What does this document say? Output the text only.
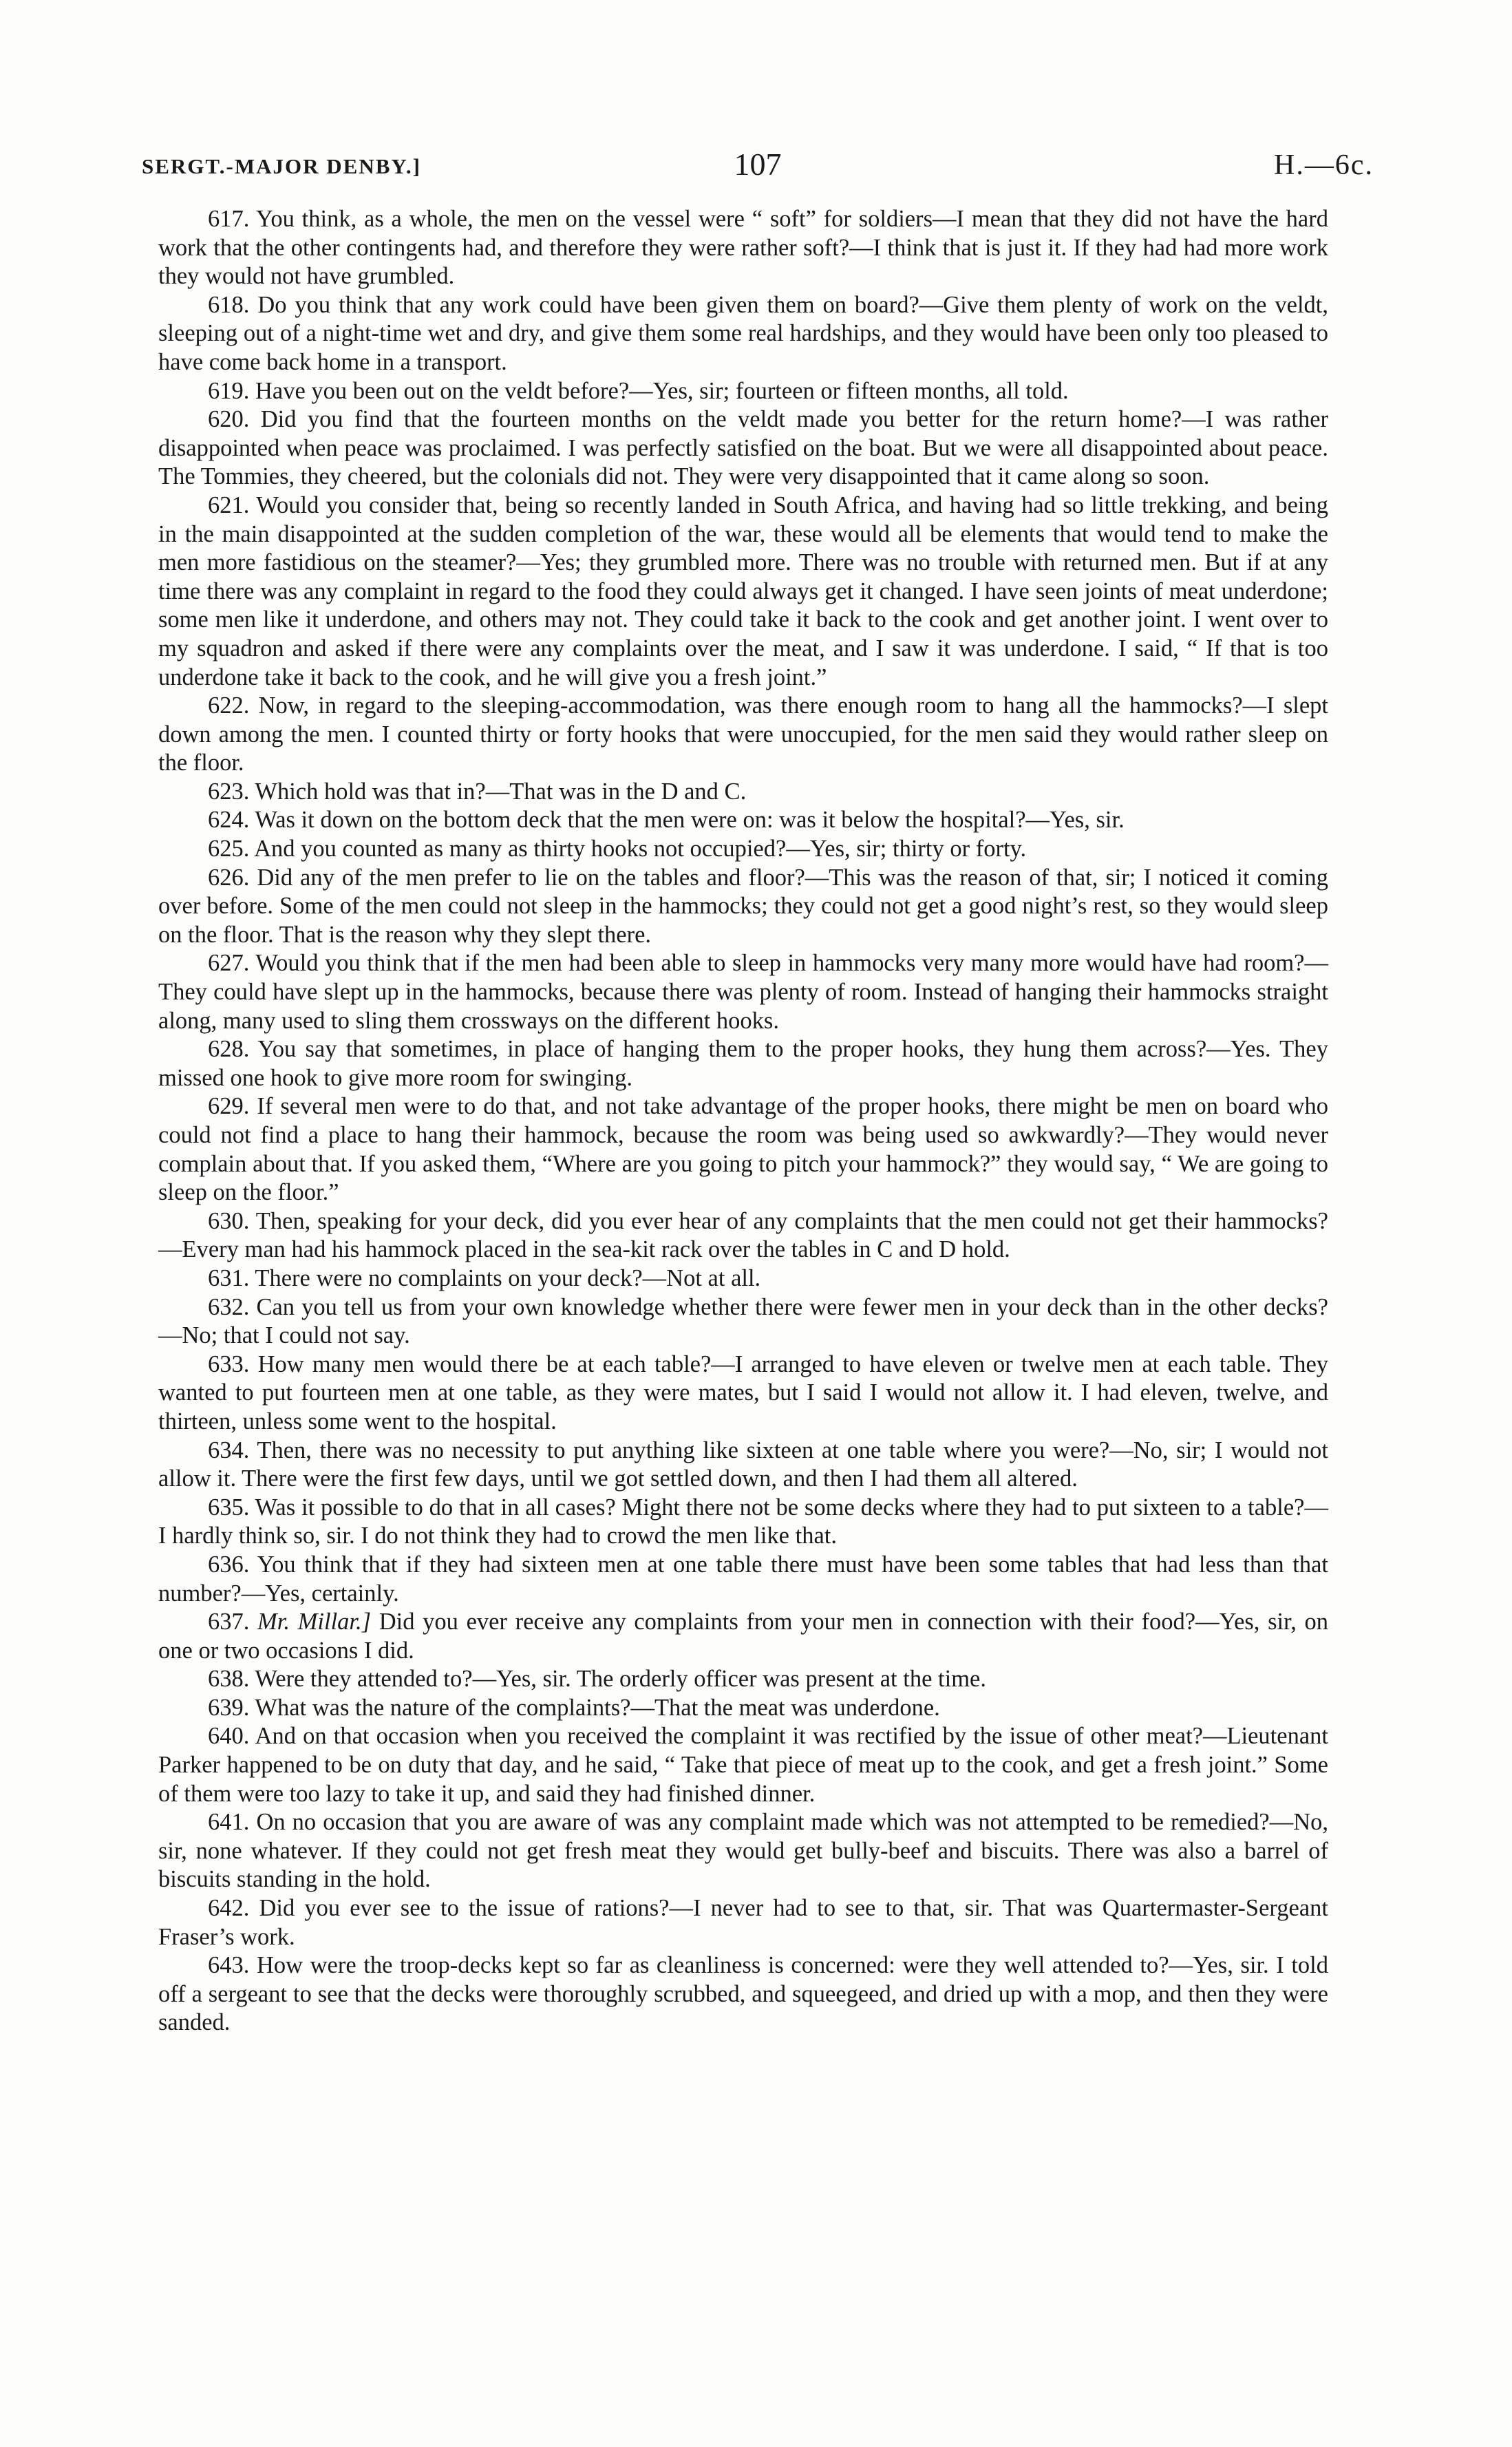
SERGT.-MAJOR DENBY.]	107	H.—6c.

617. You think, as a whole, the men on the vessel were “ soft” for soldiers—I mean that they did not have the hard work that the other contingents had, and therefore they were rather soft?—I think that is just it. If they had had more work they would not have grumbled.

618. Do you think that any work could have been given them on board?—Give them plenty of work on the veldt, sleeping out of a night-time wet and dry, and give them some real hardships, and they would have been only too pleased to have come back home in a transport.

619. Have you been out on the veldt before?—Yes, sir; fourteen or fifteen months, all told.

620. Did you find that the fourteen months on the veldt made you better for the return home?—I was rather disappointed when peace was proclaimed. I was perfectly satisfied on the boat. But we were all disappointed about peace. The Tommies, they cheered, but the colonials did not. They were very disappointed that it came along so soon.

621. Would you consider that, being so recently landed in South Africa, and having had so little trekking, and being in the main disappointed at the sudden completion of the war, these would all be elements that would tend to make the men more fastidious on the steamer?—Yes; they grumbled more. There was no trouble with returned men. But if at any time there was any complaint in regard to the food they could always get it changed. I have seen joints of meat underdone; some men like it underdone, and others may not. They could take it back to the cook and get another joint. I went over to my squadron and asked if there were any complaints over the meat, and I saw it was underdone. I said, “ If that is too underdone take it back to the cook, and he will give you a fresh joint.”

622. Now, in regard to the sleeping-accommodation, was there enough room to hang all the hammocks?—I slept down among the men. I counted thirty or forty hooks that were unoccupied, for the men said they would rather sleep on the floor.

623. Which hold was that in?—That was in the D and C.

624. Was it down on the bottom deck that the men were on: was it below the hospital?—Yes, sir.

625. And you counted as many as thirty hooks not occupied?—Yes, sir; thirty or forty.

626. Did any of the men prefer to lie on the tables and floor?—This was the reason of that, sir; I noticed it coming over before. Some of the men could not sleep in the hammocks; they could not get a good night’s rest, so they would sleep on the floor. That is the reason why they slept there.

627. Would you think that if the men had been able to sleep in hammocks very many more would have had room?—They could have slept up in the hammocks, because there was plenty of room. Instead of hanging their hammocks straight along, many used to sling them crossways on the different hooks.

628. You say that sometimes, in place of hanging them to the proper hooks, they hung them across?—Yes. They missed one hook to give more room for swinging.

629. If several men were to do that, and not take advantage of the proper hooks, there might be men on board who could not find a place to hang their hammock, because the room was being used so awkwardly?—They would never complain about that. If you asked them, “Where are you going to pitch your hammock?” they would say, “ We are going to sleep on the floor.”

630. Then, speaking for your deck, did you ever hear of any complaints that the men could not get their hammocks?—Every man had his hammock placed in the sea-kit rack over the tables in C and D hold.

631. There were no complaints on your deck?—Not at all.

632. Can you tell us from your own knowledge whether there were fewer men in your deck than in the other decks?—No; that I could not say.

633. How many men would there be at each table?—I arranged to have eleven or twelve men at each table. They wanted to put fourteen men at one table, as they were mates, but I said I would not allow it. I had eleven, twelve, and thirteen, unless some went to the hospital.

634. Then, there was no necessity to put anything like sixteen at one table where you were?—No, sir; I would not allow it. There were the first few days, until we got settled down, and then I had them all altered.

635. Was it possible to do that in all cases? Might there not be some decks where they had to put sixteen to a table?—I hardly think so, sir. I do not think they had to crowd the men like that.

636. You think that if they had sixteen men at one table there must have been some tables that had less than that number?—Yes, certainly.

637. Mr. Millar.] Did you ever receive any complaints from your men in connection with their food?—Yes, sir, on one or two occasions I did.

638. Were they attended to?—Yes, sir. The orderly officer was present at the time.

639. What was the nature of the complaints?—That the meat was underdone.

640. And on that occasion when you received the complaint it was rectified by the issue of other meat?—Lieutenant Parker happened to be on duty that day, and he said, “ Take that piece of meat up to the cook, and get a fresh joint.” Some of them were too lazy to take it up, and said they had finished dinner.

641. On no occasion that you are aware of was any complaint made which was not attempted to be remedied?—No, sir, none whatever. If they could not get fresh meat they would get bully-beef and biscuits. There was also a barrel of biscuits standing in the hold.

642. Did you ever see to the issue of rations?—I never had to see to that, sir. That was Quartermaster-Sergeant Fraser’s work.

643. How were the troop-decks kept so far as cleanliness is concerned: were they well attended to?—Yes, sir. I told off a sergeant to see that the decks were thoroughly scrubbed, and squeegeed, and dried up with a mop, and then they were sanded.
